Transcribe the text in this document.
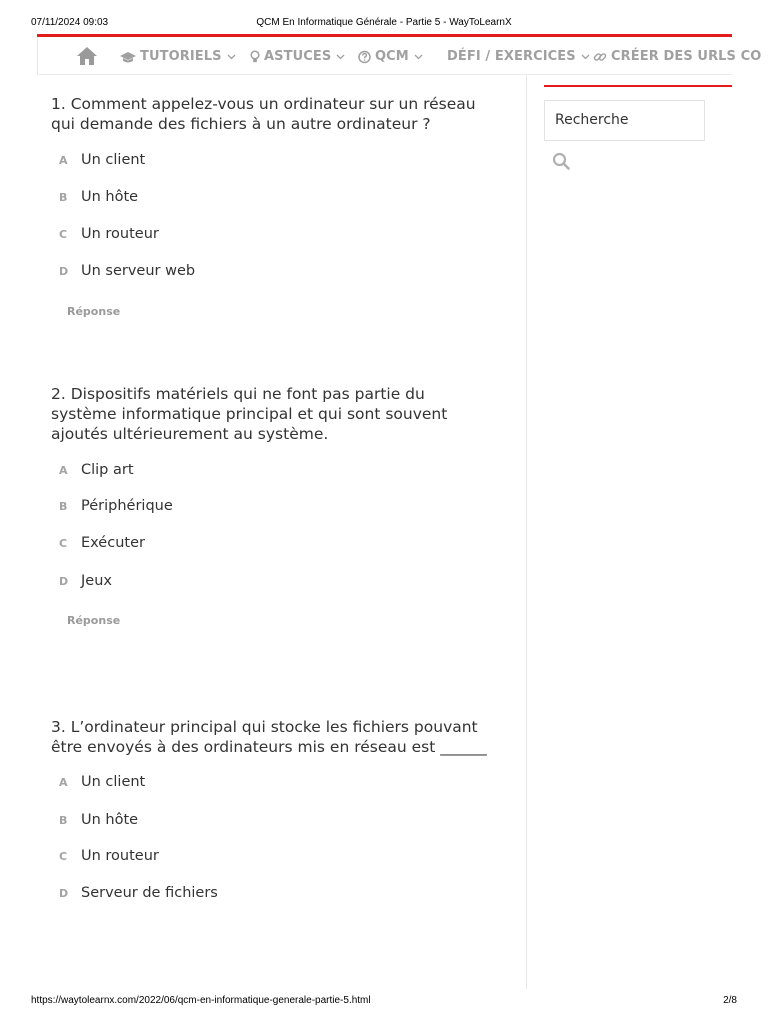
07/11/2024 09:03	QCM En Informatique Générale - Partie 5 - WayToLearnX
TUTORIELS	ASTUCES	QCM	DÉFI / EXERCICES	CRÉER DES URLS CO
Recherche
1. Comment appelez-vous un ordinateur sur un réseau
qui demande des fichiers à un autre ordinateur ?
A Un client
B Un hôte
C Un routeur
D Un serveur web
Réponse
2. Dispositifs matériels qui ne font pas partie du
système informatique principal et qui sont souvent
ajoutés ultérieurement au système.
A Clip art
B Périphérique
C Exécuter
D Jeux
Réponse
3. L’ordinateur principal qui stocke les fichiers pouvant
être envoyés à des ordinateurs mis en réseau est ______
A Un client
B Un hôte
C Un routeur
D Serveur de fichiers
https://waytolearnx.com/2022/06/qcm-en-informatique-generale-partie-5.html	2/8
